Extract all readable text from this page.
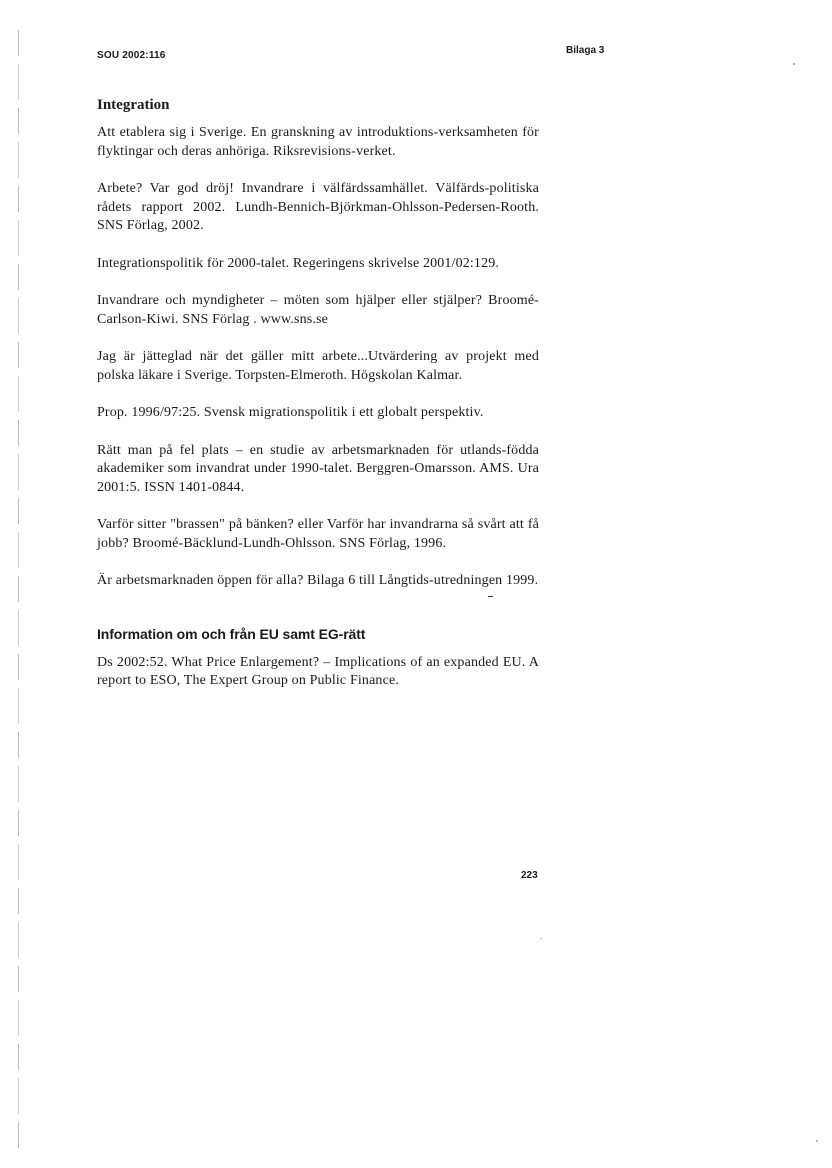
SOU 2002:116	Bilaga 3
Integration

Att etablera sig i Sverige. En granskning av introduktions-verksamheten för flyktingar och deras anhöriga. Riksrevisions-verket.

Arbete? Var god dröj! Invandrare i välfärdssamhället. Välfärds-politiska rådets rapport 2002. Lundh-Bennich-Björkman-Ohlsson-Pedersen-Rooth. SNS Förlag, 2002.

Integrationspolitik för 2000-talet. Regeringens skrivelse 2001/02:129.

Invandrare och myndigheter – möten som hjälper eller stjälper? Broomé-Carlson-Kiwi. SNS Förlag . www.sns.se

Jag är jätteglad när det gäller mitt arbete...Utvärdering av projekt med polska läkare i Sverige. Torpsten-Elmeroth. Högskolan Kalmar.

Prop. 1996/97:25. Svensk migrationspolitik i ett globalt perspektiv.

Rätt man på fel plats – en studie av arbetsmarknaden för utlands-födda akademiker som invandrat under 1990-talet. Berggren-Omarsson. AMS. Ura 2001:5. ISSN 1401-0844.

Varför sitter "brassen" på bänken? eller Varför har invandrarna så svårt att få jobb? Broomé-Bäcklund-Lundh-Ohlsson. SNS Förlag, 1996.

Är arbetsmarknaden öppen för alla? Bilaga 6 till Långtids-utredningen 1999.

Information om och från EU samt EG-rätt

Ds 2002:52. What Price Enlargement? – Implications of an expanded EU. A report to ESO, The Expert Group on Public Finance.

223
